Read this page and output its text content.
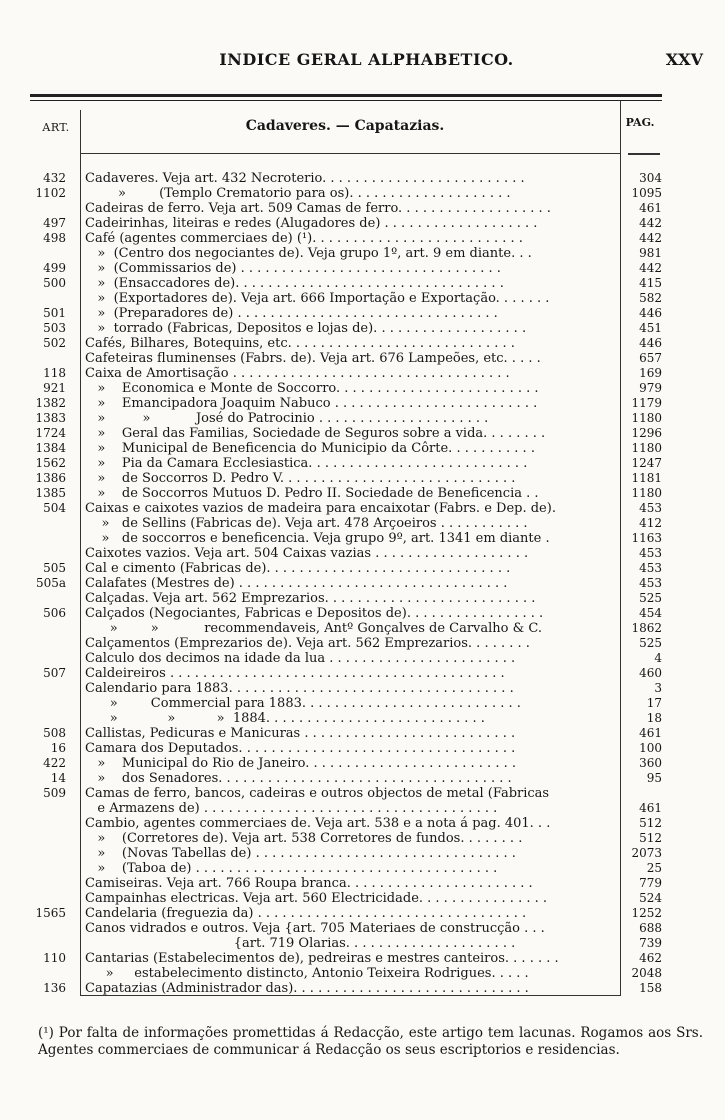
INDICE GERAL ALPHABETICO.	XXV
ART.	Cadaveres. — Capatazias.	PAG.
432 Cadaveres. Veja art. 432 Necroterio. . . . . . . . . . . . . . . . . . . . . . . . .	304
1102 »        (Templo Crematorio para os). . . . . . . . . . . . . . . . . . . .	1095
Cadeiras de ferro. Veja art. 509 Camas de ferro. . . . . . . . . . . . . . . . . . .	461
497 Cadeirinhas, liteiras e redes (Alugadores de) . . . . . . . . . . . . . . . . . . .	442
498 Café (agentes commerciaes de) (¹). . . . . . . . . . . . . . . . . . . . . . . . . .	442
»  (Centro dos negociantes de). Veja grupo 1º, art. 9 em diante. . .	981
499 »  (Commissarios de) . . . . . . . . . . . . . . . . . . . . . . . . . . . . . . . .	442
500 »  (Ensaccadores de). . . . . . . . . . . . . . . . . . . . . . . . . . . . . . . . .	415
»  (Exportadores de). Veja art. 666 Importação e Exportação. . . . . . .	582
501 »  (Preparadores de) . . . . . . . . . . . . . . . . . . . . . . . . . . . . . . . .	446
503 »  torrado (Fabricas, Depositos e lojas de). . . . . . . . . . . . . . . . . . .	451
502 Cafés, Bilhares, Botequins, etc. . . . . . . . . . . . . . . . . . . . . . . . . . . .	446
Cafeteiras fluminenses (Fabrs. de). Veja art. 676 Lampeões, etc. . . . .	657
118 Caixa de Amortisação . . . . . . . . . . . . . . . . . . . . . . . . . . . . . . . . . .	169
921 »    Economica e Monte de Soccorro. . . . . . . . . . . . . . . . . . . . . . . . .	979
1382 »    Emancipadora Joaquim Nabuco . . . . . . . . . . . . . . . . . . . . . . . . .	1179
1383 »         »           José do Patrocinio . . . . . . . . . . . . . . . . . . . . .	1180
1724 »    Geral das Familias, Sociedade de Seguros sobre a vida. . . . . . . .	1296
1384 »    Municipal de Beneficencia do Municipio da Côrte. . . . . . . . . . .	1180
1562 »    Pia da Camara Ecclesiastica. . . . . . . . . . . . . . . . . . . . . . . . . . .	1247
1386 »    de Soccorros D. Pedro V. . . . . . . . . . . . . . . . . . . . . . . . . . . . .	1181
1385 »    de Soccorros Mutuos D. Pedro II. Sociedade de Beneficencia . .	1180
504 Caixas e caixotes vazios de madeira para encaixotar (Fabrs. e Dep. de).	453
»   de Sellins (Fabricas de). Veja art. 478 Arçoeiros . . . . . . . . . . .	412
»   de soccorros e beneficencia. Veja grupo 9º, art. 1341 em diante .	1163
Caixotes vazios. Veja art. 504 Caixas vazias . . . . . . . . . . . . . . . . . . .	453
505 Cal e cimento (Fabricas de). . . . . . . . . . . . . . . . . . . . . . . . . . . . . .	453
505a Calafates (Mestres de) . . . . . . . . . . . . . . . . . . . . . . . . . . . . . . . . .	453
Calçadas. Veja art. 562 Emprezarios. . . . . . . . . . . . . . . . . . . . . . . . . .	525
506 Calçados (Negociantes, Fabricas e Depositos de). . . . . . . . . . . . . . . . .	454
»        »           recommendaveis, Antº Gonçalves de Carvalho & C.	1862
Calçamentos (Emprezarios de). Veja art. 562 Emprezarios. . . . . . . .	525
Calculo dos decimos na idade da lua . . . . . . . . . . . . . . . . . . . . . . .	4
507 Caldeireiros . . . . . . . . . . . . . . . . . . . . . . . . . . . . . . . . . . . . . . . . .	460
Calendario para 1883. . . . . . . . . . . . . . . . . . . . . . . . . . . . . . . . . . .	3
»        Commercial para 1883. . . . . . . . . . . . . . . . . . . . . . . . . . .	17
»            »          »  1884. . . . . . . . . . . . . . . . . . . . . . . . . . .	18
508 Callistas, Pedicuras e Manicuras . . . . . . . . . . . . . . . . . . . . . . . . . .	461
16 Camara dos Deputados. . . . . . . . . . . . . . . . . . . . . . . . . . . . . . . . . .	100
422 »    Municipal do Rio de Janeiro. . . . . . . . . . . . . . . . . . . . . . . . . .	360
14 »    dos Senadores. . . . . . . . . . . . . . . . . . . . . . . . . . . . . . . . . . . .	95
509 Camas de ferro, bancos, cadeiras e outros objectos de metal (Fabricas
e Armazens de) . . . . . . . . . . . . . . . . . . . . . . . . . . . . . . . . . . . .	461
Cambio, agentes commerciaes de. Veja art. 538 e a nota á pag. 401. . .	512
»    (Corretores de). Veja art. 538 Corretores de fundos. . . . . . . .	512
»    (Novas Tabellas de) . . . . . . . . . . . . . . . . . . . . . . . . . . . . . . . .	2073
»    (Taboa de) . . . . . . . . . . . . . . . . . . . . . . . . . . . . . . . . . . . . .	25
Camiseiras. Veja art. 766 Roupa branca. . . . . . . . . . . . . . . . . . . . . . .	779
Campainhas electricas. Veja art. 560 Electricidade. . . . . . . . . . . . . . . .	524
1565 Candelaria (freguezia da) . . . . . . . . . . . . . . . . . . . . . . . . . . . . . . . . .	1252
Canos vidrados e outros. Veja {art. 705 Materiaes de construcção . . .	688
{art. 719 Olarias. . . . . . . . . . . . . . . . . . . . .	739
110 Cantarias (Estabelecimentos de), pedreiras e mestres canteiros. . . . . . .	462
»     estabelecimento distincto, Antonio Teixeira Rodrigues. . . . .	2048
136 Capatazias (Administrador das). . . . . . . . . . . . . . . . . . . . . . . . . . . . .	158
(¹) Por falta de informações promettidas á Redacção, este artigo tem lacunas. Rogamos aos Srs. Agentes commerciaes de communicar á Redacção os seus escriptorios e residencias.
